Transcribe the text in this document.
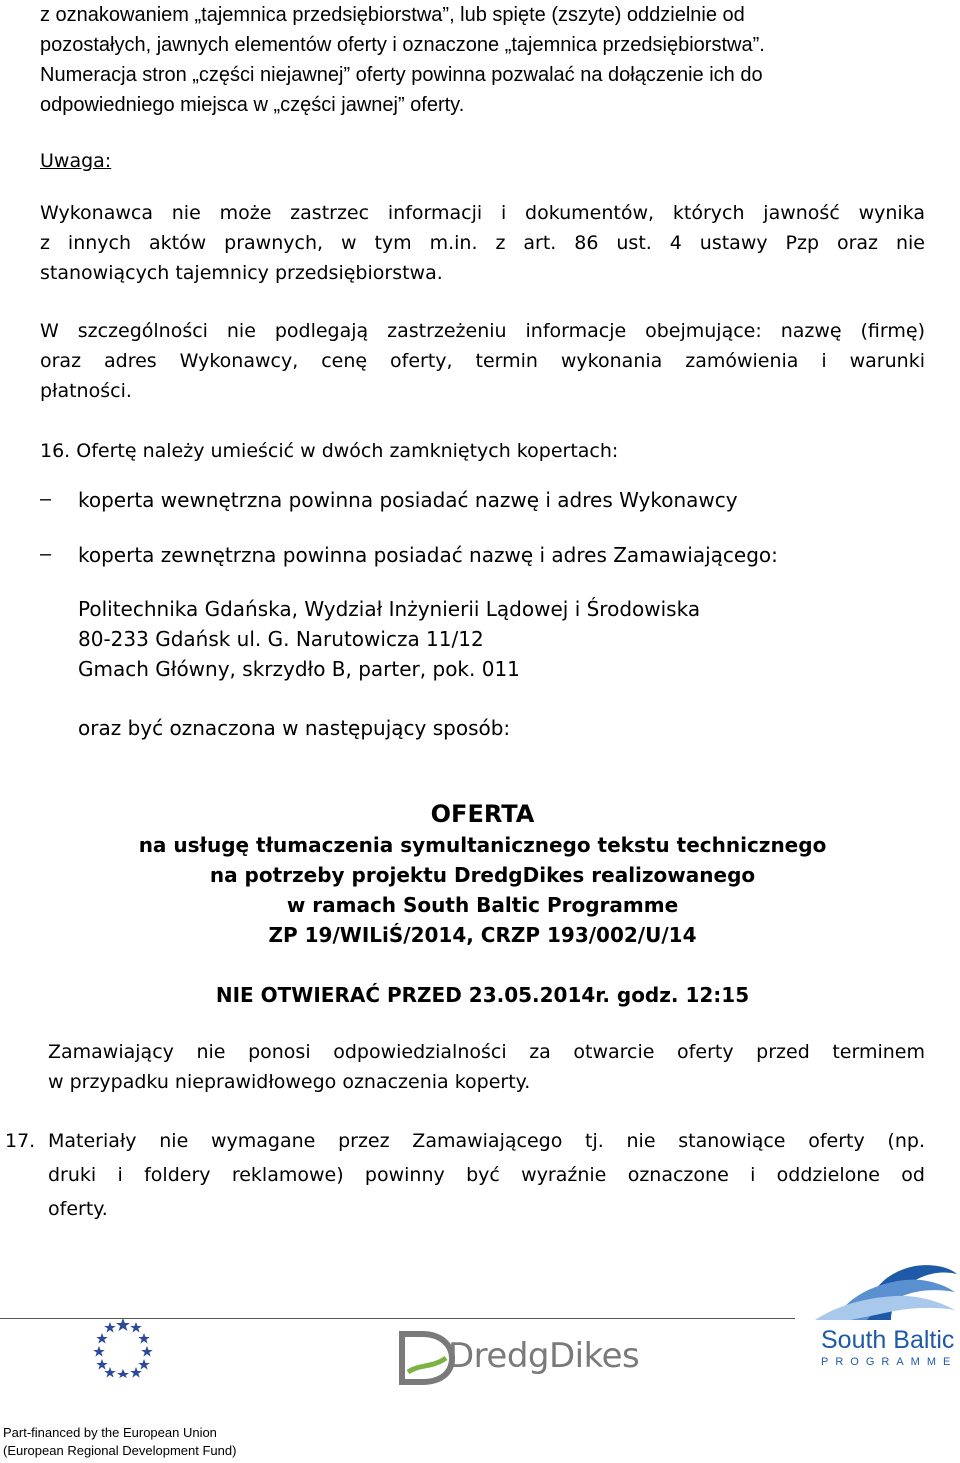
z oznakowaniem „tajemnica przedsiębiorstwa”, lub spięte (zszyte) oddzielnie od
pozostałych, jawnych elementów oferty i oznaczone „tajemnica przedsiębiorstwa”.
Numeracja stron „części niejawnej” oferty powinna pozwalać na dołączenie ich do
odpowiedniego miejsca w „części jawnej” oferty.
Uwaga:
Wykonawca nie może zastrzec informacji i dokumentów, których jawność wynika
z innych aktów prawnych, w tym m.in. z art. 86 ust. 4 ustawy Pzp oraz nie
stanowiących tajemnicy przedsiębiorstwa.
W szczególności nie podlegają zastrzeżeniu informacje obejmujące: nazwę (firmę)
oraz adres Wykonawcy, cenę oferty, termin wykonania zamówienia i warunki
płatności.
16. Ofertę należy umieścić w dwóch zamkniętych kopertach:
– koperta wewnętrzna powinna posiadać nazwę i adres Wykonawcy
– koperta zewnętrzna powinna posiadać nazwę i adres Zamawiającego:
Politechnika Gdańska, Wydział Inżynierii Lądowej i Środowiska
80-233 Gdańsk ul. G. Narutowicza 11/12
Gmach Główny, skrzydło B, parter, pok. 011
oraz być oznaczona w następujący sposób:
OFERTA
na usługę tłumaczenia symultanicznego tekstu technicznego
na potrzeby projektu DredgDikes realizowanego
w ramach South Baltic Programme
ZP 19/WILiŚ/2014, CRZP 193/002/U/14
NIE OTWIERAĆ PRZED 23.05.2014r. godz. 12:15
Zamawiający nie ponosi odpowiedzialności za otwarcie oferty przed terminem
w przypadku nieprawidłowego oznaczenia koperty.
17. Materiały nie wymagane przez Zamawiającego tj. nie stanowiące oferty (np.
druki i foldery reklamowe) powinny być wyraźnie oznaczone i oddzielone od
oferty.
DredgDikes	South Baltic
PROGRAMME
Part-financed by the European Union
(European Regional Development Fund)
